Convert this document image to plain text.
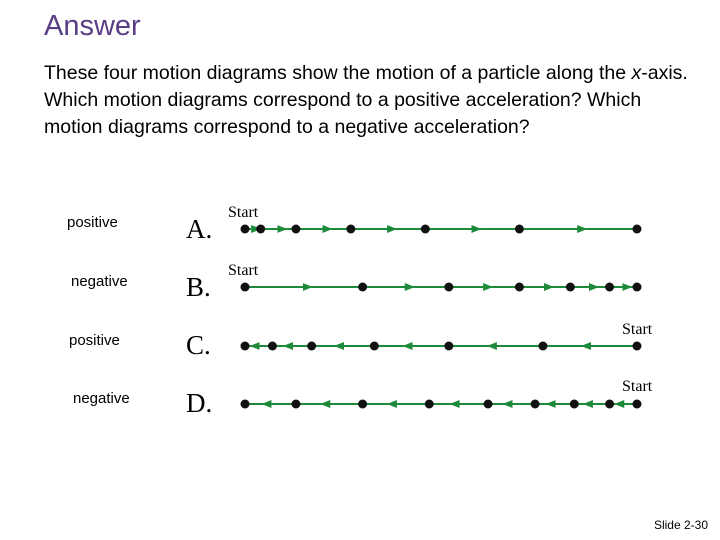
Answer
These four motion diagrams show the motion of a particle along the x-axis. Which motion diagrams correspond to a positive acceleration? Which motion diagrams correspond to a negative acceleration?
positive
negative
positive
negative
A.
B.
C.
D.
Start
Start
Start
Start
Slide 2-30
